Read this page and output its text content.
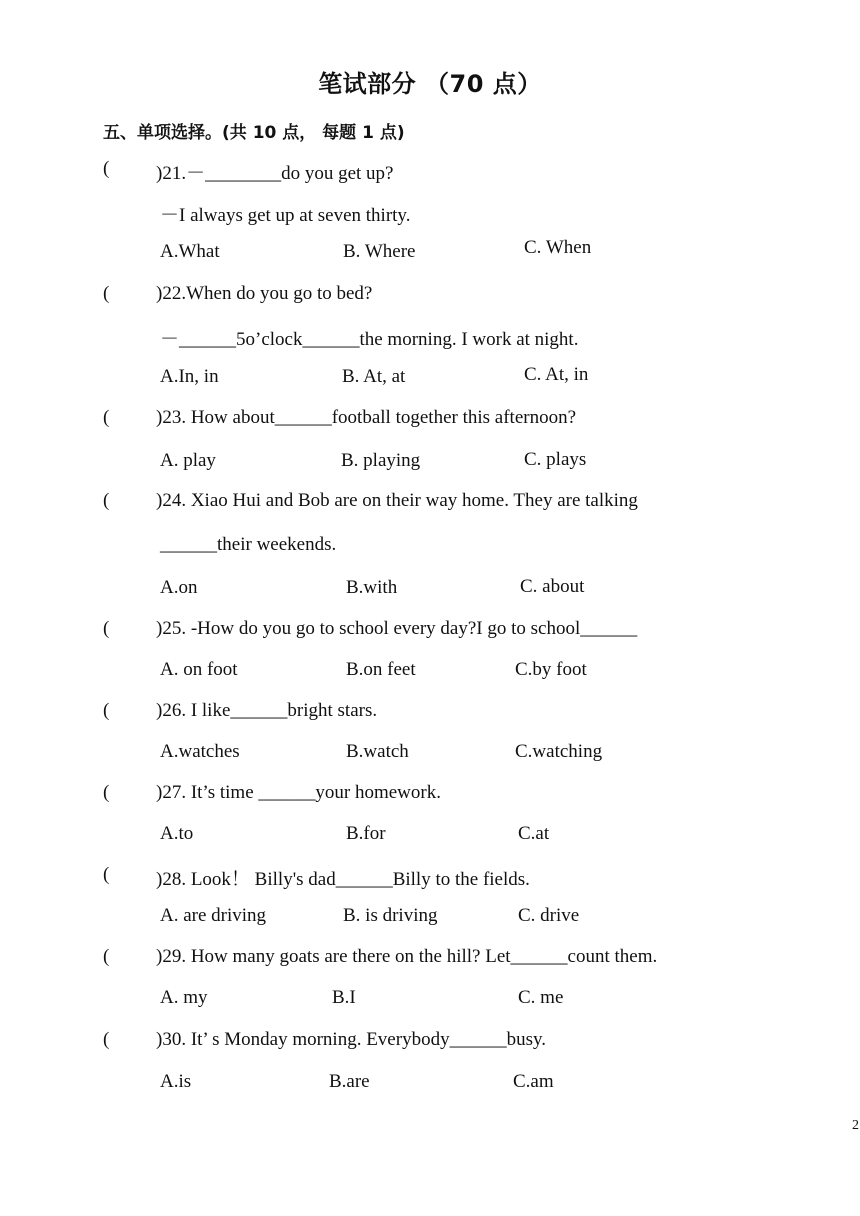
笔试部分 （70 点）
五、单项选择。(共 10 点， 每题 1 点)
( )21.－________do you get up?
－I always get up at seven thirty.
A.What	B. Where	C. When
( )22.When do you go to bed?
－______5o’clock______the morning. I work at night.
A.In, in	B. At, at	C. At, in
( )23. How about______football together this afternoon?
A. play	B. playing	C. plays
( )24. Xiao Hui and Bob are on their way home. They are talking
______their weekends.
A.on	B.with	C. about
( )25. -How do you go to school every day?I go to school______
A. on foot	B.on feet	C.by foot
( )26. I like______bright stars.
A.watches	B.watch	C.watching
( )27. It’s time ______your homework.
A.to	B.for	C.at
( )28. Look！ Billy's dad______Billy to the fields.
A. are driving	B. is driving	C. drive
( )29. How many goats are there on the hill? Let______count them.
A. my	B.I	C. me
( )30. It’ s Monday morning. Everybody______busy.
A.is	B.are	C.am
2
